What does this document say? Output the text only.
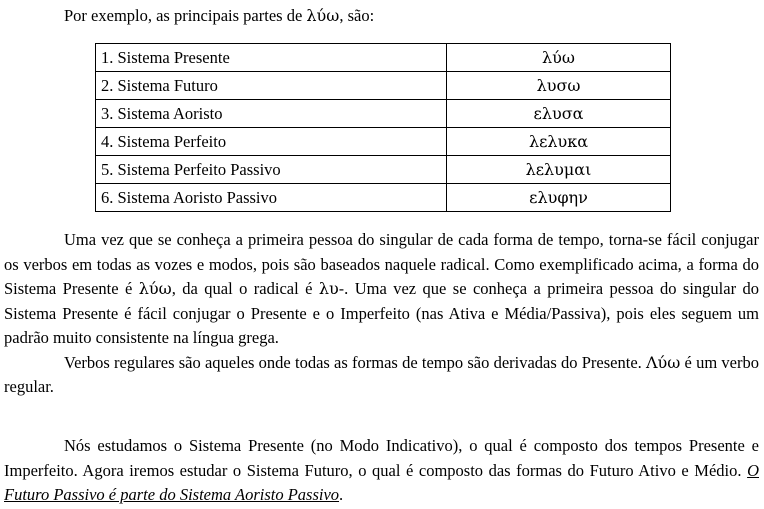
Por exemplo, as principais partes de λύω, são:
1. Sistema Presente	λύω
2. Sistema Futuro	λυσω
3. Sistema Aoristo	ελυσα
4. Sistema Perfeito	λελυκα
5. Sistema Perfeito Passivo	λελυμαι
6. Sistema Aoristo Passivo	ελυφην

Uma vez que se conheça a primeira pessoa do singular de cada forma de tempo, torna-se fácil conjugar os verbos em todas as vozes e modos, pois são baseados naquele radical. Como exemplificado acima, a forma do Sistema Presente é λύω, da qual o radical é λυ-. Uma vez que se conheça a primeira pessoa do singular do Sistema Presente é fácil conjugar o Presente e o Imperfeito (nas Ativa e Média/Passiva), pois eles seguem um padrão muito consistente na língua grega.

Verbos regulares são aqueles onde todas as formas de tempo são derivadas do Presente. Λύω é um verbo regular.

Nós estudamos o Sistema Presente (no Modo Indicativo), o qual é composto dos tempos Presente e Imperfeito. Agora iremos estudar o Sistema Futuro, o qual é composto das formas do Futuro Ativo e Médio. O Futuro Passivo é parte do Sistema Aoristo Passivo.
